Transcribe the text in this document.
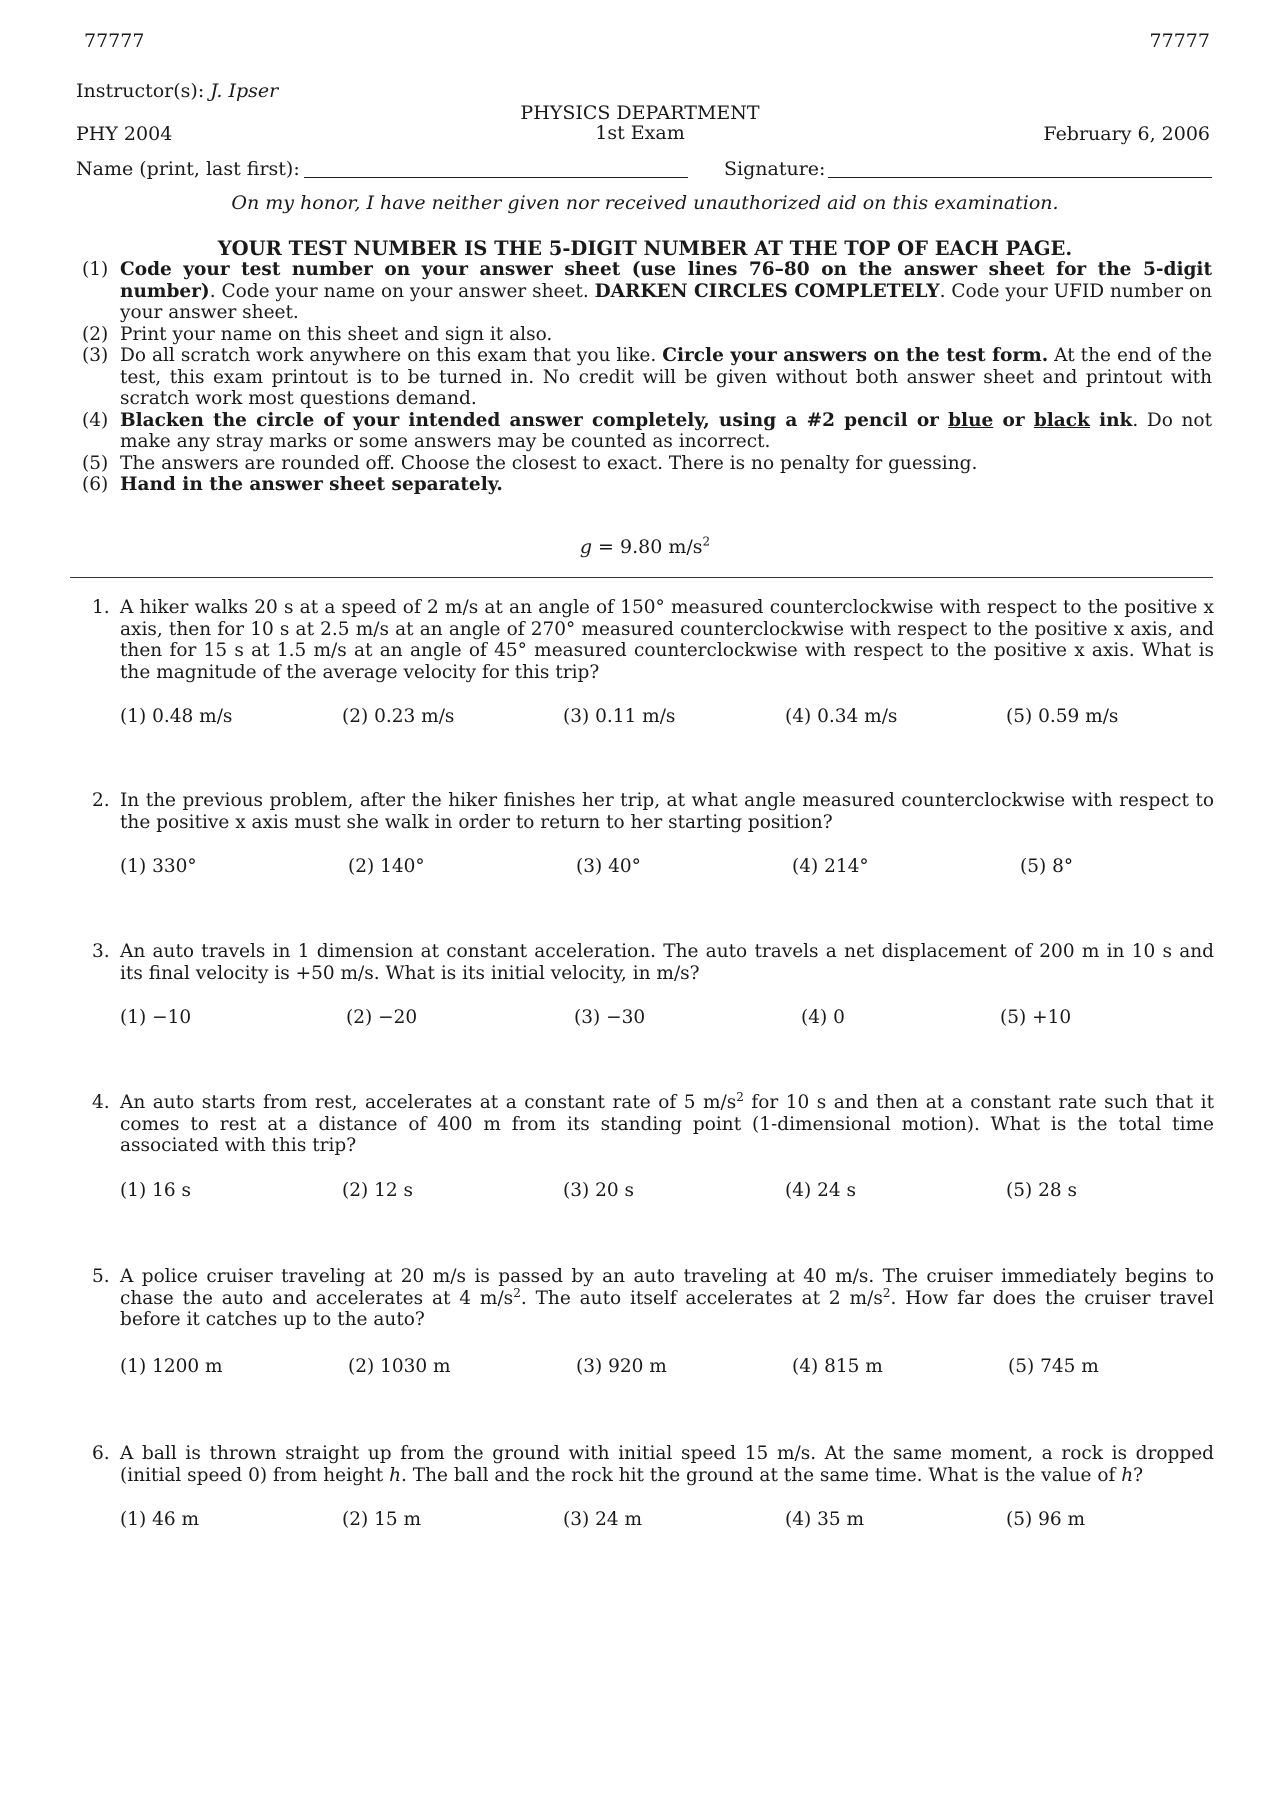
77777	77777
Instructor(s): J. Ipser
PHYSICS DEPARTMENT
1st Exam
PHY 2004	February 6, 2006
Name (print, last first):	Signature:
On my honor, I have neither given nor received unauthorized aid on this examination.
YOUR TEST NUMBER IS THE 5-DIGIT NUMBER AT THE TOP OF EACH PAGE.
(1) Code your test number on your answer sheet (use lines 76–80 on the answer sheet for the 5-digit number). Code your name on your answer sheet. DARKEN CIRCLES COMPLETELY. Code your UFID number on your answer sheet.
(2) Print your name on this sheet and sign it also.
(3) Do all scratch work anywhere on this exam that you like. Circle your answers on the test form. At the end of the test, this exam printout is to be turned in. No credit will be given without both answer sheet and printout with scratch work most questions demand.
(4) Blacken the circle of your intended answer completely, using a #2 pencil or blue or black ink. Do not make any stray marks or some answers may be counted as incorrect.
(5) The answers are rounded off. Choose the closest to exact. There is no penalty for guessing.
(6) Hand in the answer sheet separately.
g = 9.80 $m/s^2$
1. A hiker walks 20 s at a speed of 2 m/s at an angle of 150° measured counterclockwise with respect to the positive x axis, then for 10 s at 2.5 m/s at an angle of 270° measured counterclockwise with respect to the positive x axis, and then for 15 s at 1.5 m/s at an angle of 45° measured counterclockwise with respect to the positive x axis. What is the magnitude of the average velocity for this trip?
(1) 0.48 m/s	(2) 0.23 m/s	(3) 0.11 m/s	(4) 0.34 m/s	(5) 0.59 m/s
2. In the previous problem, after the hiker finishes her trip, at what angle measured counterclockwise with respect to the positive x axis must she walk in order to return to her starting position?
(1) 330°	(2) 140°	(3) 40°	(4) 214°	(5) 8°
3. An auto travels in 1 dimension at constant acceleration. The auto travels a net displacement of 200 m in 10 s and its final velocity is +50 m/s. What is its initial velocity, in m/s?
(1) −10	(2) −20	(3) −30	(4) 0	(5) +10
4. An auto starts from rest, accelerates at a constant rate of 5 $m/s^2$ for 10 s and then at a constant rate such that it comes to rest at a distance of 400 m from its standing point (1-dimensional motion). What is the total time associated with this trip?
(1) 16 s	(2) 12 s	(3) 20 s	(4) 24 s	(5) 28 s
5. A police cruiser traveling at 20 m/s is passed by an auto traveling at 40 m/s. The cruiser immediately begins to chase the auto and accelerates at 4 $m/s^2$. The auto itself accelerates at 2 $m/s^2$. How far does the cruiser travel before it catches up to the auto?
(1) 1200 m	(2) 1030 m	(3) 920 m	(4) 815 m	(5) 745 m
6. A ball is thrown straight up from the ground with initial speed 15 m/s. At the same moment, a rock is dropped (initial speed 0) from height h. The ball and the rock hit the ground at the same time. What is the value of h?
(1) 46 m	(2) 15 m	(3) 24 m	(4) 35 m	(5) 96 m
